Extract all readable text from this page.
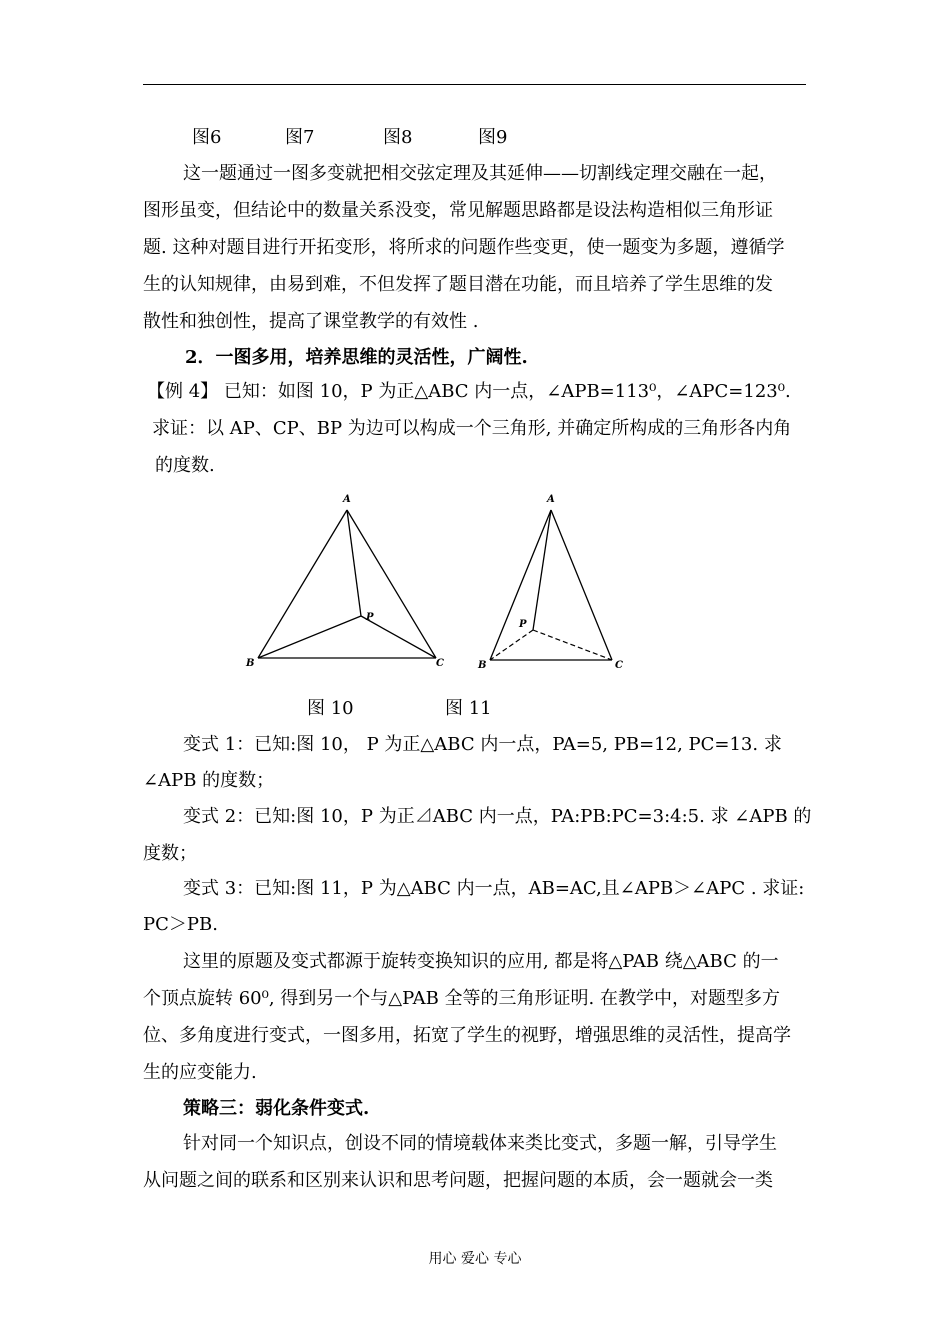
图6	图7	图8	图9
这一题通过一图多变就把相交弦定理及其延伸——切割线定理交融在一起，
图形虽变，但结论中的数量关系没变，常见解题思路都是设法构造相似三角形证
题. 这种对题目进行开拓变形，将所求的问题作些变更，使一题变为多题，遵循学
生的认知规律，由易到难，不但发挥了题目潜在功能，而且培养了学生思维的发
散性和独创性，提高了课堂教学的有效性 .
2．一图多用，培养思维的灵活性，广阔性.
【例 4】 已知：如图 10，P 为正△ABC 内一点，∠APB=113⁰，∠APC=123⁰.
求证：以 AP、CP、BP 为边可以构成一个三角形, 并确定所构成的三角形各内角
的度数.
A
B	C
P
A
B	C
P
图 10	图 11
变式 1：已知:图 10， P 为正△ABC 内一点，PA=5, PB=12, PC=13. 求
∠APB 的度数；
变式 2：已知:图 10，P 为正⊿ABC 内一点，PA:PB:PC=3:4:5. 求 ∠APB 的
度数；
变式 3：已知:图 11，P 为△ABC 内一点，AB=AC,且∠APB＞∠APC . 求证:
PC＞PB.
这里的原题及变式都源于旋转变换知识的应用, 都是将△PAB 绕△ABC 的一
个顶点旋转 60⁰, 得到另一个与△PAB 全等的三角形证明. 在教学中，对题型多方
位、多角度进行变式，一图多用，拓宽了学生的视野，增强思维的灵活性，提高学
生的应变能力.
策略三：弱化条件变式.
针对同一个知识点，创设不同的情境载体来类比变式，多题一解，引导学生
从问题之间的联系和区别来认识和思考问题，把握问题的本质，会一题就会一类
用心 爱心 专心
